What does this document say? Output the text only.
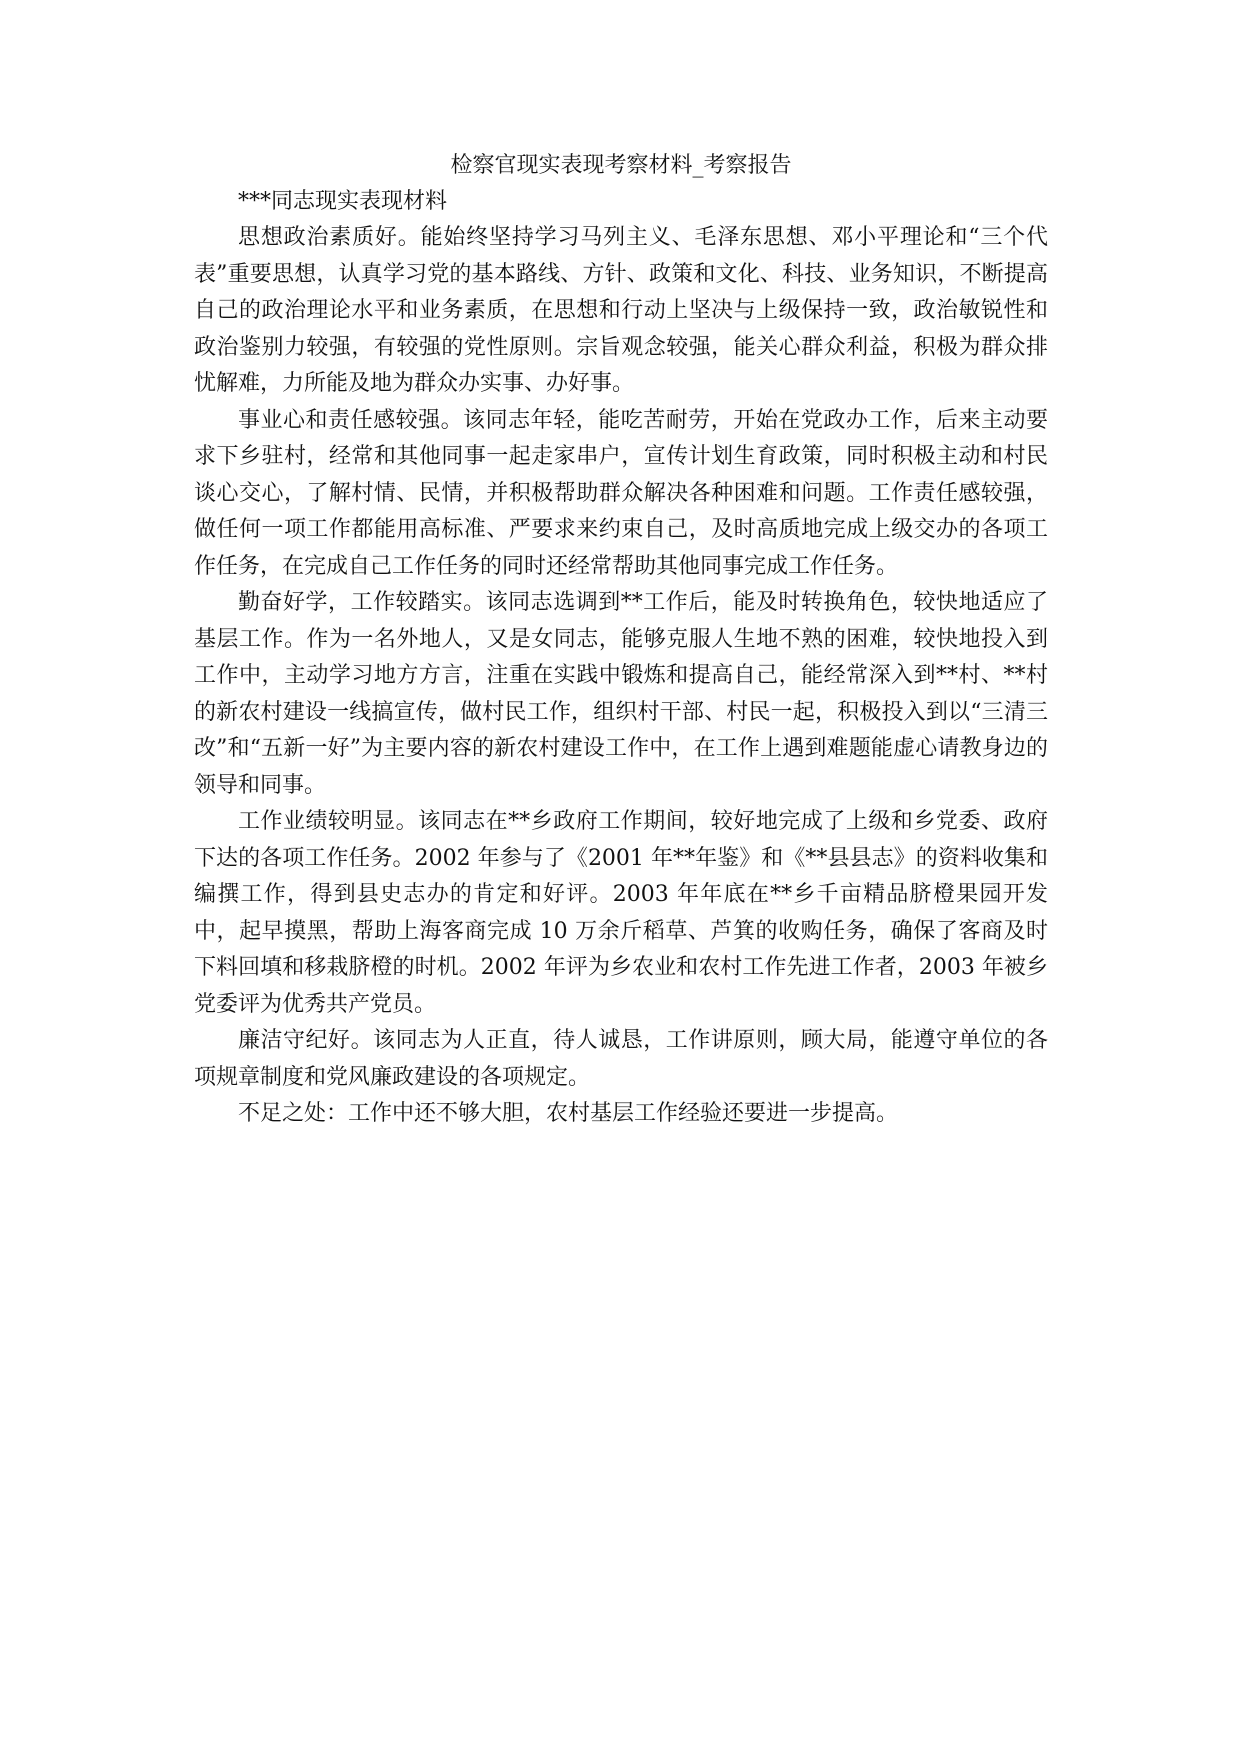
检察官现实表现考察材料_考察报告

***同志现实表现材料

思想政治素质好。能始终坚持学习马列主义、毛泽东思想、邓小平理论和“三个代表”重要思想，认真学习党的基本路线、方针、政策和文化、科技、业务知识，不断提高自己的政治理论水平和业务素质，在思想和行动上坚决与上级保持一致，政治敏锐性和政治鉴别力较强，有较强的党性原则。宗旨观念较强，能关心群众利益，积极为群众排忧解难，力所能及地为群众办实事、办好事。

事业心和责任感较强。该同志年轻，能吃苦耐劳，开始在党政办工作，后来主动要求下乡驻村，经常和其他同事一起走家串户，宣传计划生育政策，同时积极主动和村民谈心交心，了解村情、民情，并积极帮助群众解决各种困难和问题。工作责任感较强，做任何一项工作都能用高标准、严要求来约束自己，及时高质地完成上级交办的各项工作任务，在完成自己工作任务的同时还经常帮助其他同事完成工作任务。

勤奋好学，工作较踏实。该同志选调到**工作后，能及时转换角色，较快地适应了基层工作。作为一名外地人，又是女同志，能够克服人生地不熟的困难，较快地投入到工作中，主动学习地方方言，注重在实践中锻炼和提高自己，能经常深入到**村、**村的新农村建设一线搞宣传，做村民工作，组织村干部、村民一起，积极投入到以“三清三改”和“五新一好”为主要内容的新农村建设工作中，在工作上遇到难题能虚心请教身边的领导和同事。

工作业绩较明显。该同志在**乡政府工作期间，较好地完成了上级和乡党委、政府下达的各项工作任务。2002 年参与了《2001 年**年鉴》和《**县县志》的资料收集和编撰工作，得到县史志办的肯定和好评。2003 年年底在**乡千亩精品脐橙果园开发中，起早摸黑，帮助上海客商完成 10 万余斤稻草、芦箕的收购任务，确保了客商及时下料回填和移栽脐橙的时机。2002 年评为乡农业和农村工作先进工作者，2003 年被乡党委评为优秀共产党员。

廉洁守纪好。该同志为人正直，待人诚恳，工作讲原则，顾大局，能遵守单位的各项规章制度和党风廉政建设的各项规定。

不足之处：工作中还不够大胆，农村基层工作经验还要进一步提高。
